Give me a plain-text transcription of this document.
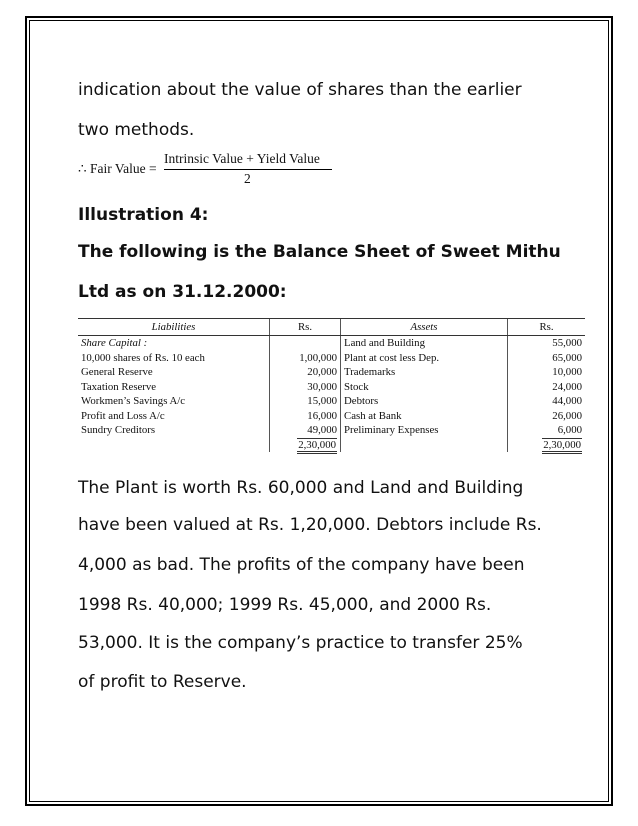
indication about the value of shares than the earlier
two methods.
∴ Fair Value =
Intrinsic Value + Yield Value
2
Illustration 4:
The following is the Balance Sheet of Sweet Mithu
Ltd as on 31.12.2000:
Liabilities	Rs.	Assets	Rs.
Share Capital :		Land and Building	55,000
10,000 shares of Rs. 10 each	1,00,000	Plant at cost less Dep.	65,000
General Reserve	20,000	Trademarks	10,000
Taxation Reserve	30,000	Stock	24,000
Workmen’s Savings A/c	15,000	Debtors	44,000
Profit and Loss A/c	16,000	Cash at Bank	26,000
Sundry Creditors	49,000	Preliminary Expenses	6,000
	2,30,000		2,30,000
The Plant is worth Rs. 60,000 and Land and Building
have been valued at Rs. 1,20,000. Debtors include Rs.
4,000 as bad. The profits of the company have been
1998 Rs. 40,000; 1999 Rs. 45,000, and 2000 Rs.
53,000. It is the company’s practice to transfer 25%
of profit to Reserve.
